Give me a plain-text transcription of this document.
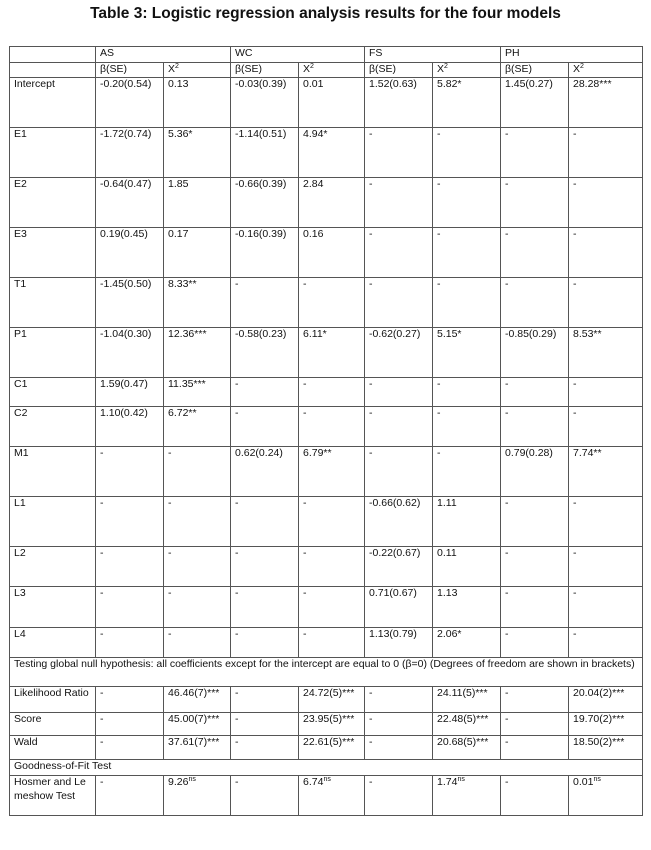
Table 3: Logistic regression analysis results for the four models
	AS		WC		FS		PH	
	β(SE)	$X^2$	β(SE)	$X^2$	β(SE)	$X^2$	β(SE)	$X^2$
Intercept	-0.20(0.54)	0.13	-0.03(0.39)	0.01	1.52(0.63)	5.82*	1.45(0.27)	28.28***
E1	-1.72(0.74)	5.36*	-1.14(0.51)	4.94*	-	-	-	-
E2	-0.64(0.47)	1.85	-0.66(0.39)	2.84	-	-	-	-
E3	0.19(0.45)	0.17	-0.16(0.39)	0.16	-	-	-	-
T1	-1.45(0.50)	8.33**	-	-	-	-	-	-
P1	-1.04(0.30)	12.36***	-0.58(0.23)	6.11*	-0.62(0.27)	5.15*	-0.85(0.29)	8.53**
C1	1.59(0.47)	11.35***	-	-	-	-	-	-
C2	1.10(0.42)	6.72**	-	-	-	-	-	-
M1	-	-	0.62(0.24)	6.79**	-	-	0.79(0.28)	7.74**
L1	-	-	-	-	-0.66(0.62)	1.11	-	-
L2	-	-	-	-	-0.22(0.67)	0.11	-	-
L3	-	-	-	-	0.71(0.67)	1.13	-	-
L4	-	-	-	-	1.13(0.79)	2.06*	-	-
Testing global null hypothesis: all coefficients except for the intercept are equal to 0 (β=0) (Degrees of freedom are shown in brackets)								
Likelihood Ratio	-	46.46(7)***	-	24.72(5)***	-	24.11(5)***	-	20.04(2)***
Score	-	45.00(7)***	-	23.95(5)***	-	22.48(5)***	-	19.70(2)***
Wald	-	37.61(7)***	-	22.61(5)***	-	20.68(5)***	-	18.50(2)***
Goodness-of-Fit Test								
Hosmer and Lemeshow Test	-	$9.26^{ns}$	-	$6.74^{ns}$	-	$1.74^{ns}$	-	$0.01^{ns}$
